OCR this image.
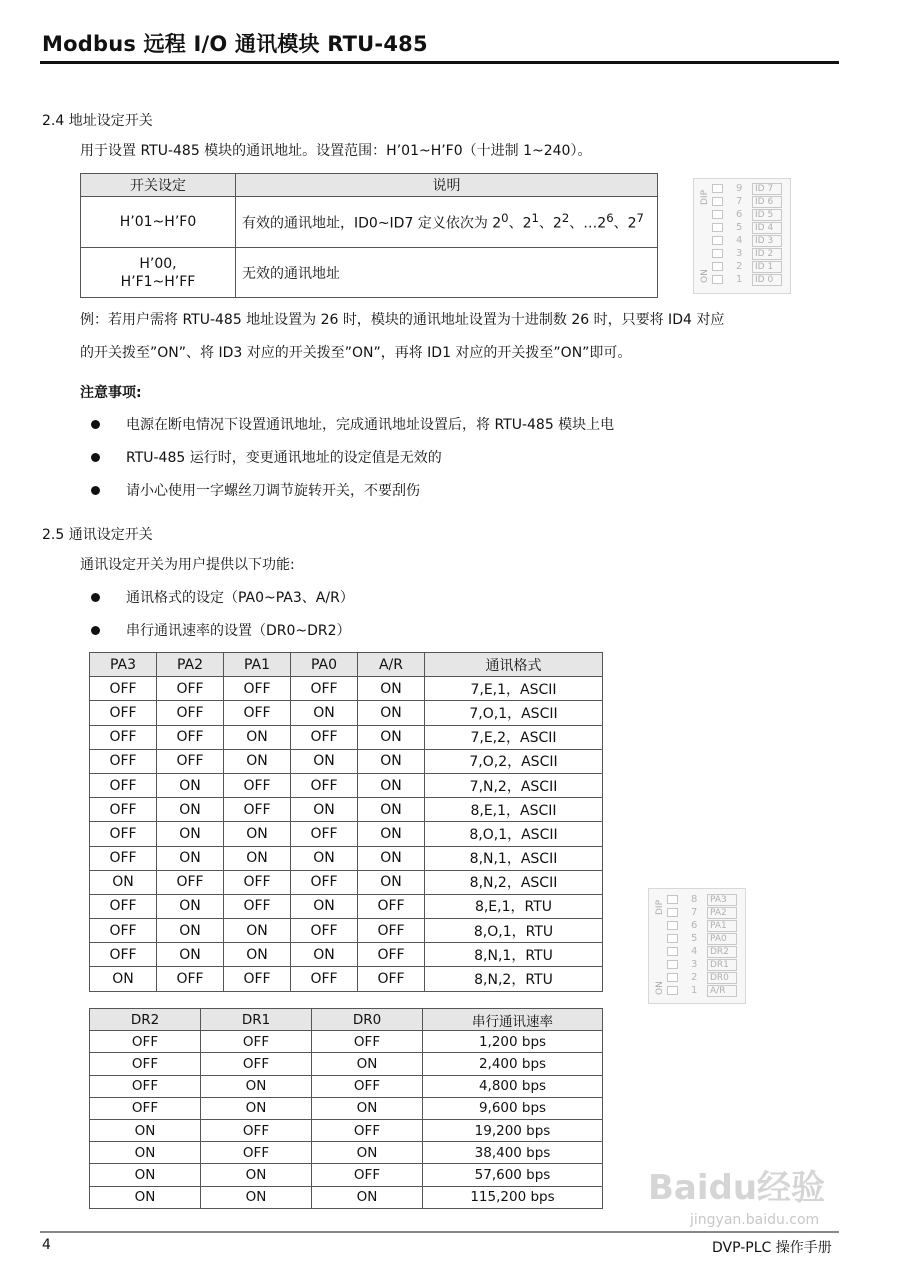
Modbus 远程 I/O 通讯模块 RTU-485
2.4 地址设定开关
用于设置 RTU-485 模块的通讯地址。设置范围：H’01~H’F0（十进制 1~240）。
开关设定	说明
H’01~H’F0	有效的通讯地址，ID0~ID7 定义依次为 $2^0$、$2^1$、$2^2$、$\dots 2^6$、$2^7$
H’00,
H’F1~H’FF	无效的通讯地址
DIP
ON
9
7
6
5
4
3
2
1
ID 7
ID 6
ID 5
ID 4
ID 3
ID 2
ID 1
ID 0
例：若用户需将 RTU-485 地址设置为 26 时，模块的通讯地址设置为十进制数 26 时，只要将 ID4 对应
的开关拨至”ON”、将 ID3 对应的开关拨至”ON”，再将 ID1 对应的开关拨至”ON”即可。
注意事项:
电源在断电情况下设置通讯地址，完成通讯地址设置后，将 RTU-485 模块上电
RTU-485 运行时，变更通讯地址的设定值是无效的
请小心使用一字螺丝刀调节旋转开关，不要刮伤
2.5 通讯设定开关
通讯设定开关为用户提供以下功能:
通讯格式的设定（PA0~PA3、A/R）
串行通讯速率的设置（DR0~DR2）
PA3	PA2	PA1	PA0	A/R	通讯格式
OFF	OFF	OFF	OFF	ON	7,E,1，ASCII
OFF	OFF	OFF	ON	ON	7,O,1，ASCII
OFF	OFF	ON	OFF	ON	7,E,2，ASCII
OFF	OFF	ON	ON	ON	7,O,2，ASCII
OFF	ON	OFF	OFF	ON	7,N,2，ASCII
OFF	ON	OFF	ON	ON	8,E,1，ASCII
OFF	ON	ON	OFF	ON	8,O,1，ASCII
OFF	ON	ON	ON	ON	8,N,1，ASCII
ON	OFF	OFF	OFF	ON	8,N,2，ASCII
OFF	ON	OFF	ON	OFF	8,E,1，RTU
OFF	ON	ON	OFF	OFF	8,O,1，RTU
OFF	ON	ON	ON	OFF	8,N,1，RTU
ON	OFF	OFF	OFF	OFF	8,N,2，RTU
DIP
ON
8
7
6
5
4
3
2
1
PA3
PA2
PA1
PA0
DR2
DR1
DR0
A/R
DR2	DR1	DR0	串行通讯速率
OFF	OFF	OFF	1,200 bps
OFF	OFF	ON	2,400 bps
OFF	ON	OFF	4,800 bps
OFF	ON	ON	9,600 bps
ON	OFF	OFF	19,200 bps
ON	OFF	ON	38,400 bps
ON	ON	OFF	57,600 bps
ON	ON	ON	115,200 bps
4	DVP-PLC 操作手册
Baidu经验
jingyan.baidu.com
